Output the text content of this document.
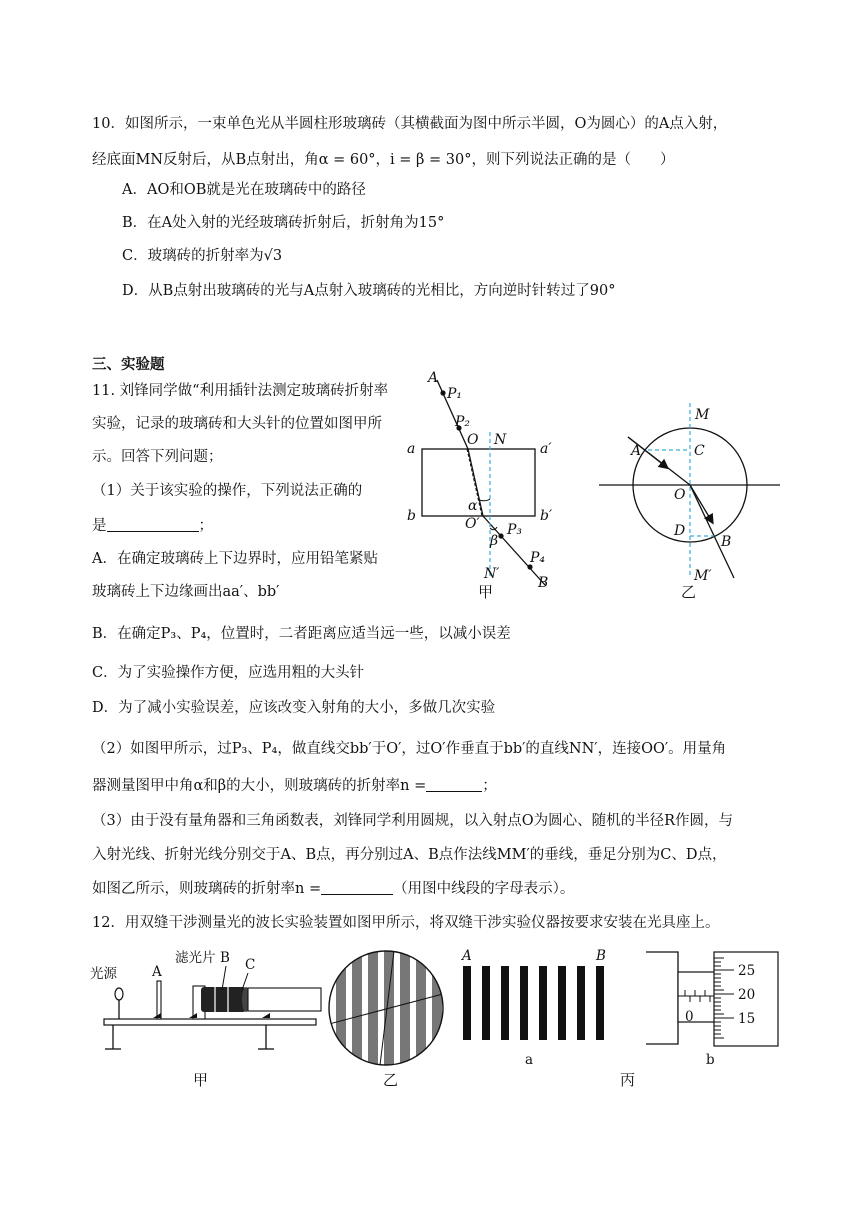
10．如图所示，一束单色光从半圆柱形玻璃砖（其横截面为图中所示半圆，O为圆心）的A点入射，
经底面MN反射后，从B点射出，角α = 60°，i = β = 30°，则下列说法正确的是（　　）
A．AO和OB就是光在玻璃砖中的路径
B．在A处入射的光经玻璃砖折射后，折射角为15°
C．玻璃砖的折射率为√3
D．从B点射出玻璃砖的光与A点射入玻璃砖的光相比，方向逆时针转过了90°
三、实验题
11. 刘锋同学做“利用插针法测定玻璃砖折射率
实验，记录的玻璃砖和大头针的位置如图甲所
示。回答下列问题；
（1）关于该实验的操作，下列说法正确的
是	；
A．在确定玻璃砖上下边界时，应用铅笔紧贴
玻璃砖上下边缘画出aa′、bb′
B．在确定P₃、P₄，位置时，二者距离应适当远一些，以减小误差
C．为了实验操作方便，应选用粗的大头针
D．为了减小实验误差，应该改变入射角的大小，多做几次实验
（2）如图甲所示，过P₃、P₄，做直线交bb′于O′，过O′作垂直于bb′的直线NN′，连接OO′。用量角
器测量图甲中角α和β的大小，则玻璃砖的折射率n =	；
（3）由于没有量角器和三角函数表，刘锋同学利用圆规，以入射点O为圆心、随机的半径R作圆，与
入射光线、折射光线分别交于A、B点，再分别过A、B点作法线MM′的垂线，垂足分别为C、D点，
如图乙所示，则玻璃砖的折射率n =	（用图中线段的字母表示）。
12．用双缝干涉测量光的波长实验装置如图甲所示，将双缝干涉实验仪器按要求安装在光具座上。
A
P₁
P₂
O N
a	a′
b	b′
α
O′ P₃
β
P₄
N′
B
甲
M
A	C
O
D
B
M′
乙
光源	A
滤光片 B C
甲	乙
A	B
a
丙
25
20
15
0
b
